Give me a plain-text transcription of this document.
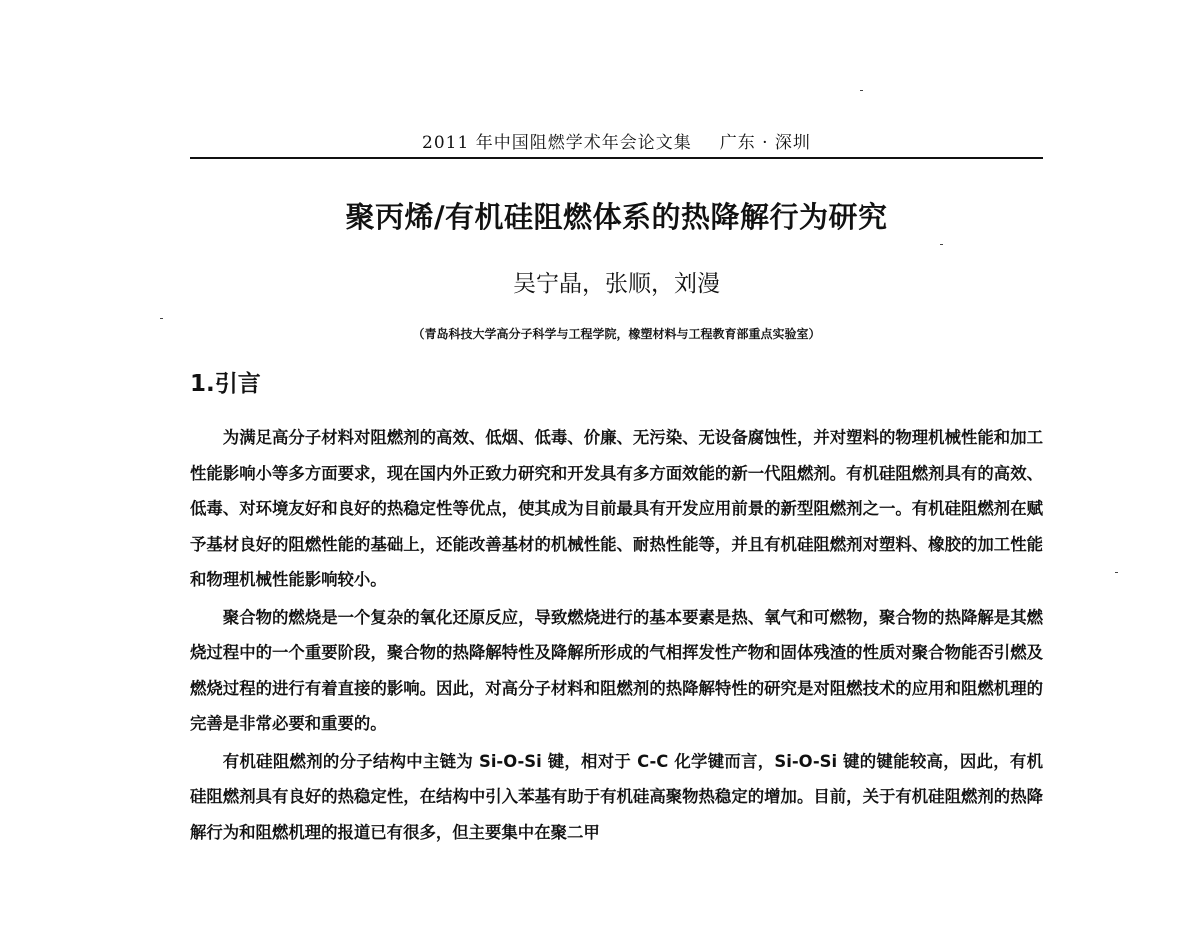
2011 年中国阻燃学术年会论文集 广东 · 深圳
聚丙烯/有机硅阻燃体系的热降解行为研究
吴宁晶，张顺，刘漫
（青岛科技大学高分子科学与工程学院，橡塑材料与工程教育部重点实验室）
1.引言

为满足高分子材料对阻燃剂的高效、低烟、低毒、价廉、无污染、无设备腐蚀性，并对塑料的物理机械性能和加工性能影响小等多方面要求，现在国内外正致力研究和开发具有多方面效能的新一代阻燃剂。有机硅阻燃剂具有的高效、低毒、对环境友好和良好的热稳定性等优点，使其成为目前最具有开发应用前景的新型阻燃剂之一。有机硅阻燃剂在赋予基材良好的阻燃性能的基础上，还能改善基材的机械性能、耐热性能等，并且有机硅阻燃剂对塑料、橡胶的加工性能和物理机械性能影响较小。

聚合物的燃烧是一个复杂的氧化还原反应，导致燃烧进行的基本要素是热、氧气和可燃物，聚合物的热降解是其燃烧过程中的一个重要阶段，聚合物的热降解特性及降解所形成的气相挥发性产物和固体残渣的性质对聚合物能否引燃及燃烧过程的进行有着直接的影响。因此，对高分子材料和阻燃剂的热降解特性的研究是对阻燃技术的应用和阻燃机理的完善是非常必要和重要的。

有机硅阻燃剂的分子结构中主链为 Si-O-Si 键，相对于 C-C 化学键而言，Si-O-Si 键的键能较高，因此，有机硅阻燃剂具有良好的热稳定性，在结构中引入苯基有助于有机硅高聚物热稳定的增加。目前，关于有机硅阻燃剂的热降解行为和阻燃机理的报道已有很多，但主要集中在聚二甲
